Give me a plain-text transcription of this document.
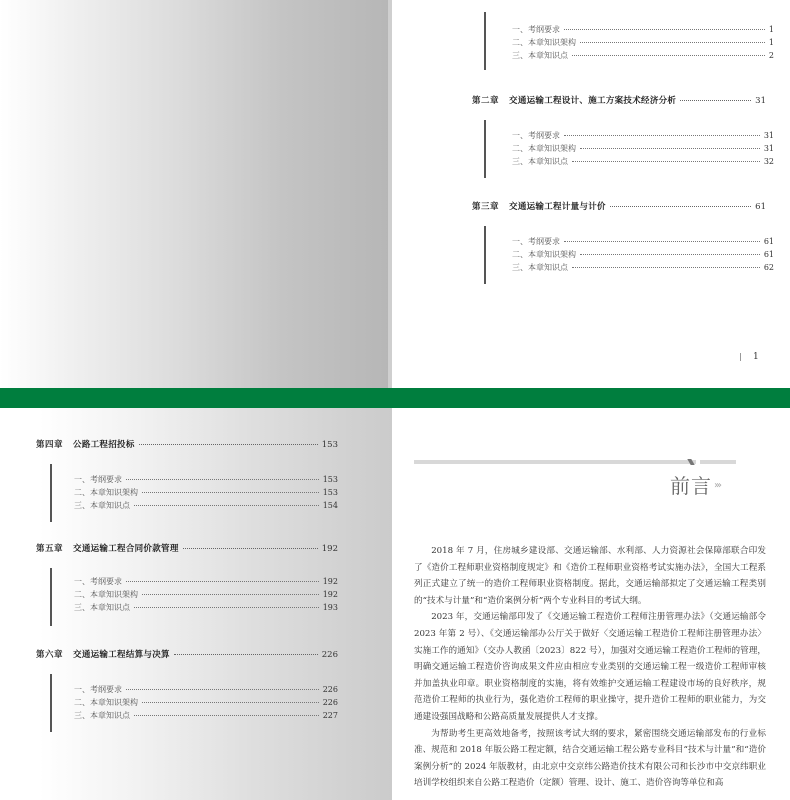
一、考纲要求	1
二、本章知识架构	1
三、本章知识点	2
第二章 交通运输工程设计、施工方案技术经济分析	31
一、考纲要求	31
二、本章知识架构	31
三、本章知识点	32
第三章 交通运输工程计量与计价	61
一、考纲要求	61
二、本章知识架构	61
三、本章知识点	62
1
第四章 公路工程招投标	153
一、考纲要求	153
二、本章知识架构	153
三、本章知识点	154
第五章 交通运输工程合同价款管理	192
一、考纲要求	192
二、本章知识架构	192
三、本章知识点	193
第六章 交通运输工程结算与决算	226
一、考纲要求	226
二、本章知识架构	226
三、本章知识点	227
前言 ›››

2018 年 7 月，住房城乡建设部、交通运输部、水利部、人力资源社会保障部联合印发了《造价工程师职业资格制度规定》和《造价工程师职业资格考试实施办法》，全国大工程系列正式建立了统一的造价工程师职业资格制度。据此，交通运输部拟定了交通运输工程类别的“技术与计量”和“造价案例分析”两个专业科目的考试大纲。

2023 年，交通运输部印发了《交通运输工程造价工程师注册管理办法》（交通运输部令 2023 年第 2 号）、《交通运输部办公厅关于做好〈交通运输工程造价工程师注册管理办法〉实施工作的通知》（交办人教函〔2023〕822 号），加强对交通运输工程造价工程师的管理，明确交通运输工程造价咨询成果文件应由相应专业类别的交通运输工程一级造价工程师审核并加盖执业印章。职业资格制度的实施，将有效维护交通运输工程建设市场的良好秩序，规范造价工程师的执业行为，强化造价工程师的职业操守，提升造价工程师的职业能力，为交通建设强国战略和公路高质量发展提供人才支撑。

为帮助考生更高效地备考，按照该考试大纲的要求，紧密围绕交通运输部发布的行业标准、规范和 2018 年版公路工程定额，结合交通运输工程公路专业科目“技术与计量”和“造价案例分析”的 2024 年版教材，由北京中交京纬公路造价技术有限公司和长沙市中交京纬职业培训学校组织来自公路工程造价（定额）管理、设计、施工、造价咨询等单位和高
